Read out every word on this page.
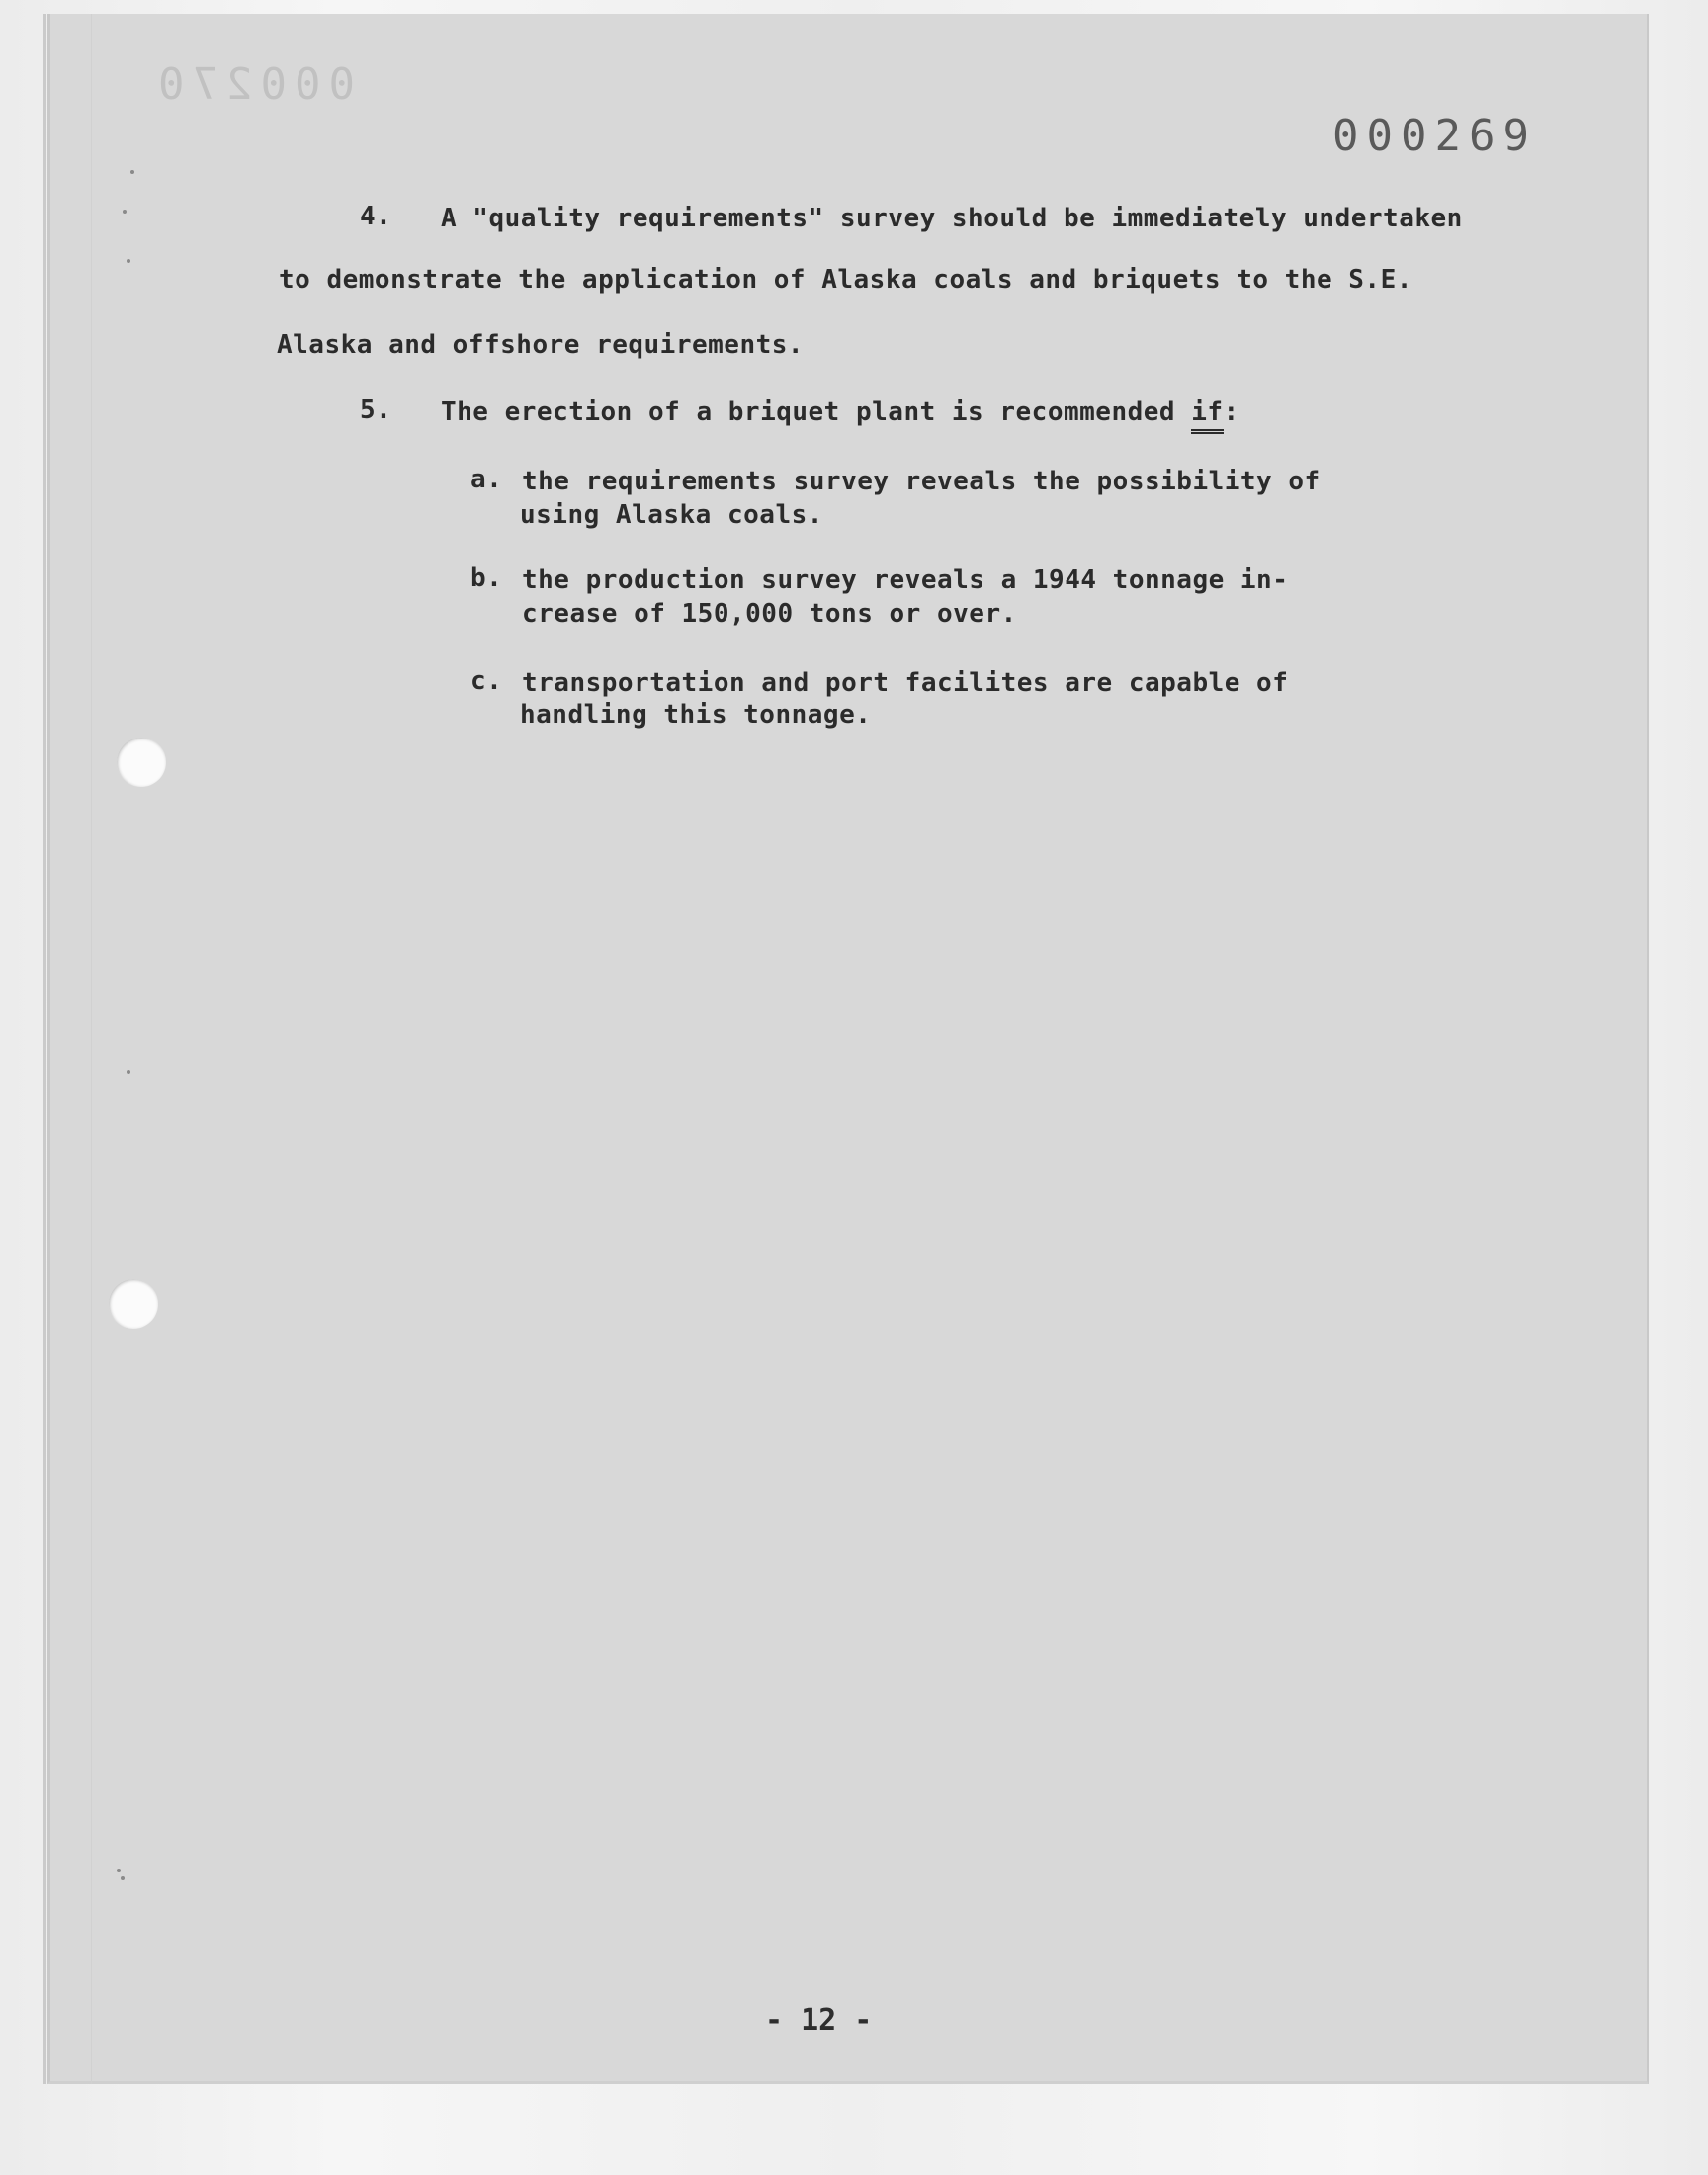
000270
000269
4. A "quality requirements" survey should be immediately undertaken
to demonstrate the application of Alaska coals and briquets to the S.E.
Alaska and offshore requirements.
5. The erection of a briquet plant is recommended if:
a. the requirements survey reveals the possibility of
using Alaska coals.
b. the production survey reveals a 1944 tonnage in-
crease of 150,000 tons or over.
c. transportation and port facilites are capable of
handling this tonnage.
- 12 -
